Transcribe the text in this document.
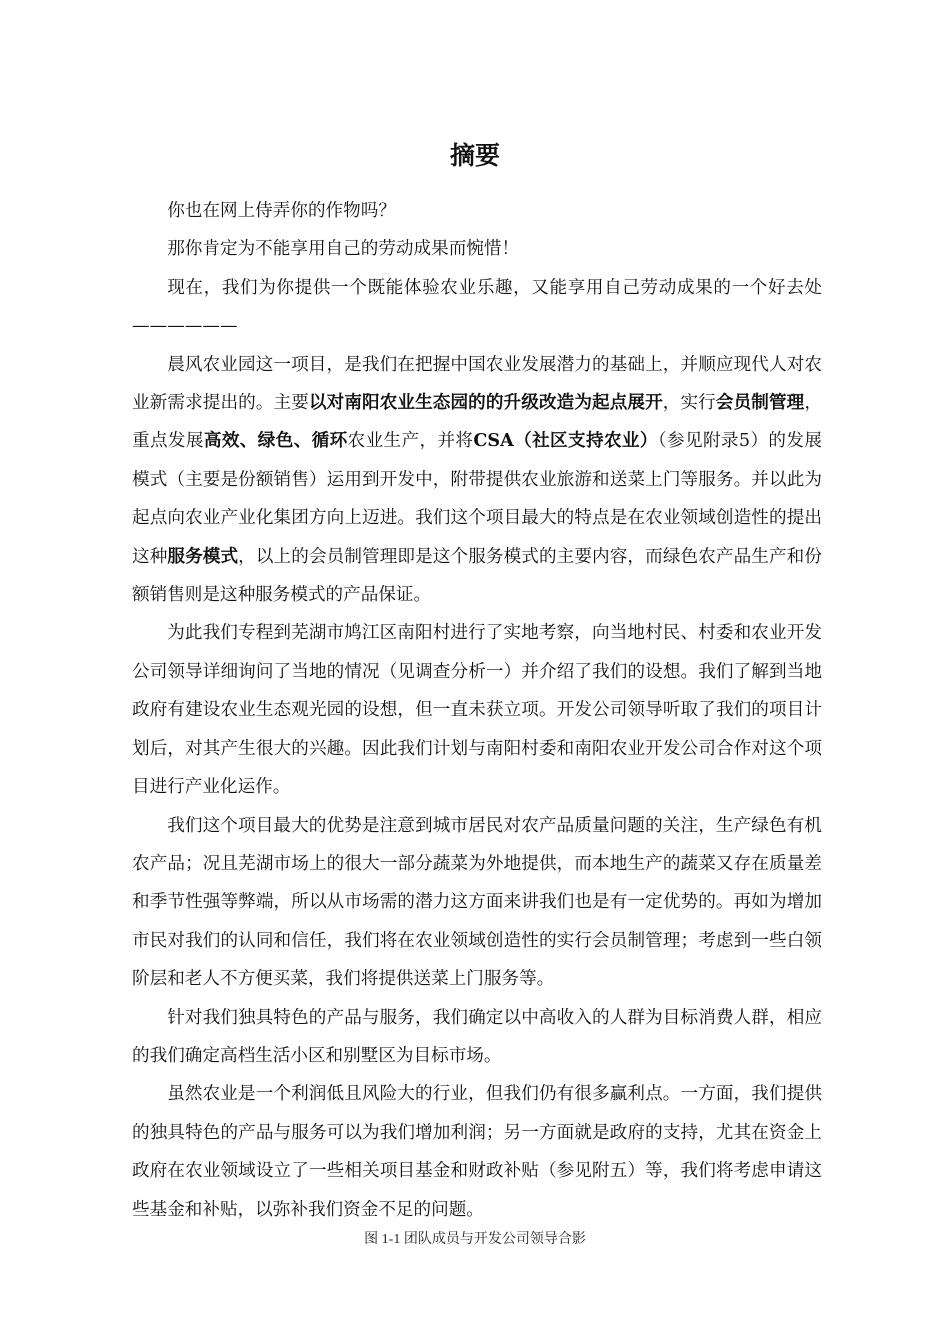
摘要

你也在网上侍弄你的作物吗？

那你肯定为不能享用自己的劳动成果而惋惜！

现在，我们为你提供一个既能体验农业乐趣，又能享用自己劳动成果的一个好去处——————

晨风农业园这一项目，是我们在把握中国农业发展潜力的基础上，并顺应现代人对农业新需求提出的。主要以对南阳农业生态园的的升级改造为起点展开，实行会员制管理，重点发展高效、绿色、循环农业生产，并将CSA（社区支持农业）（参见附录5）的发展模式（主要是份额销售）运用到开发中，附带提供农业旅游和送菜上门等服务。并以此为起点向农业产业化集团方向上迈进。我们这个项目最大的特点是在农业领域创造性的提出这种服务模式，以上的会员制管理即是这个服务模式的主要内容，而绿色农产品生产和份额销售则是这种服务模式的产品保证。

为此我们专程到芜湖市鸠江区南阳村进行了实地考察，向当地村民、村委和农业开发公司领导详细询问了当地的情况（见调查分析一）并介绍了我们的设想。我们了解到当地政府有建设农业生态观光园的设想，但一直未获立项。开发公司领导听取了我们的项目计划后，对其产生很大的兴趣。因此我们计划与南阳村委和南阳农业开发公司合作对这个项目进行产业化运作。

我们这个项目最大的优势是注意到城市居民对农产品质量问题的关注，生产绿色有机农产品；况且芜湖市场上的很大一部分蔬菜为外地提供，而本地生产的蔬菜又存在质量差和季节性强等弊端，所以从市场需的潜力这方面来讲我们也是有一定优势的。再如为增加市民对我们的认同和信任，我们将在农业领域创造性的实行会员制管理；考虑到一些白领阶层和老人不方便买菜，我们将提供送菜上门服务等。

针对我们独具特色的产品与服务，我们确定以中高收入的人群为目标消费人群，相应的我们确定高档生活小区和别墅区为目标市场。

虽然农业是一个利润低且风险大的行业，但我们仍有很多赢利点。一方面，我们提供的独具特色的产品与服务可以为我们增加利润；另一方面就是政府的支持，尤其在资金上政府在农业领域设立了一些相关项目基金和财政补贴（参见附五）等，我们将考虑申请这些基金和补贴，以弥补我们资金不足的问题。

图 1-1 团队成员与开发公司领导合影
